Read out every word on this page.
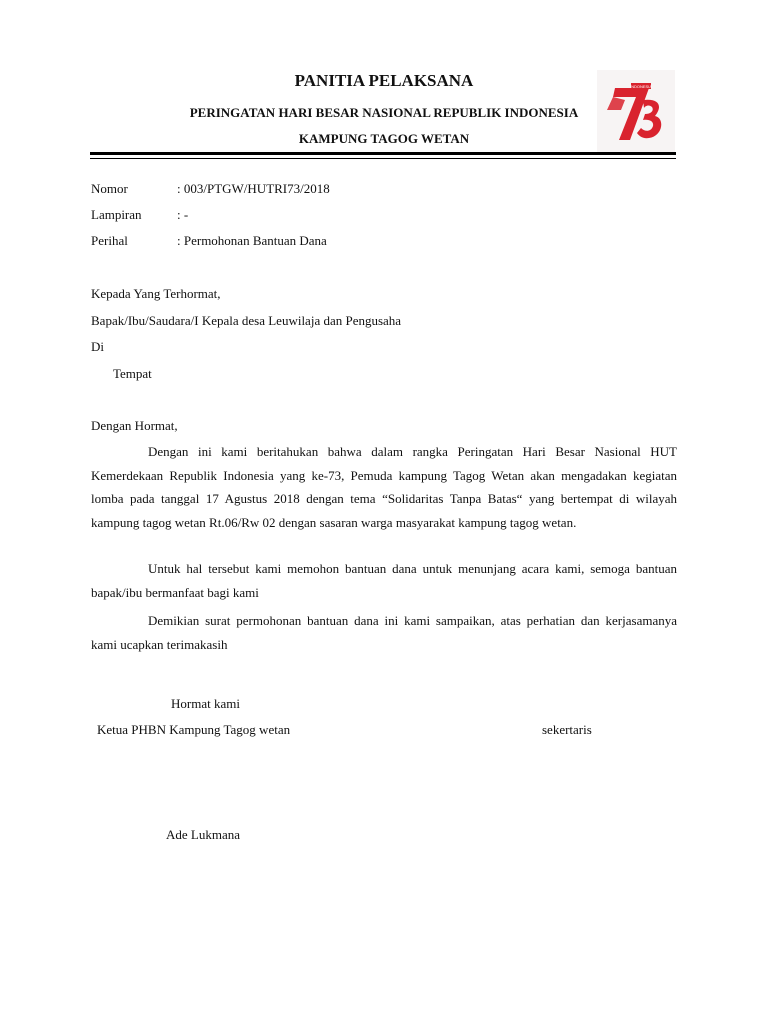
PANITIA PELAKSANA
PERINGATAN HARI BESAR NASIONAL REPUBLIK INDONESIA
KAMPUNG TAGOG WETAN
INDONESIA
Nomor	: 003/PTGW/HUTRI73/2018
Lampiran	: -
Perihal	: Permohonan Bantuan Dana
Kepada Yang Terhormat,
Bapak/Ibu/Saudara/I Kepala desa Leuwilaja dan Pengusaha
Di
Tempat
Dengan Hormat,

Dengan ini kami beritahukan bahwa dalam rangka Peringatan Hari Besar Nasional HUT Kemerdekaan Republik Indonesia yang ke-73, Pemuda kampung Tagog Wetan akan mengadakan kegiatan lomba pada tanggal 17 Agustus 2018 dengan tema “Solidaritas Tanpa Batas“ yang bertempat di wilayah kampung tagog wetan Rt.06/Rw 02 dengan sasaran warga masyarakat kampung tagog wetan.

Untuk hal tersebut kami memohon bantuan dana untuk menunjang acara kami, semoga bantuan bapak/ibu bermanfaat bagi kami

Demikian surat permohonan bantuan dana ini kami sampaikan, atas perhatian dan kerjasamanya kami ucapkan terimakasih

Hormat kami
Ketua PHBN Kampung Tagog wetan	sekertaris
Ade Lukmana
